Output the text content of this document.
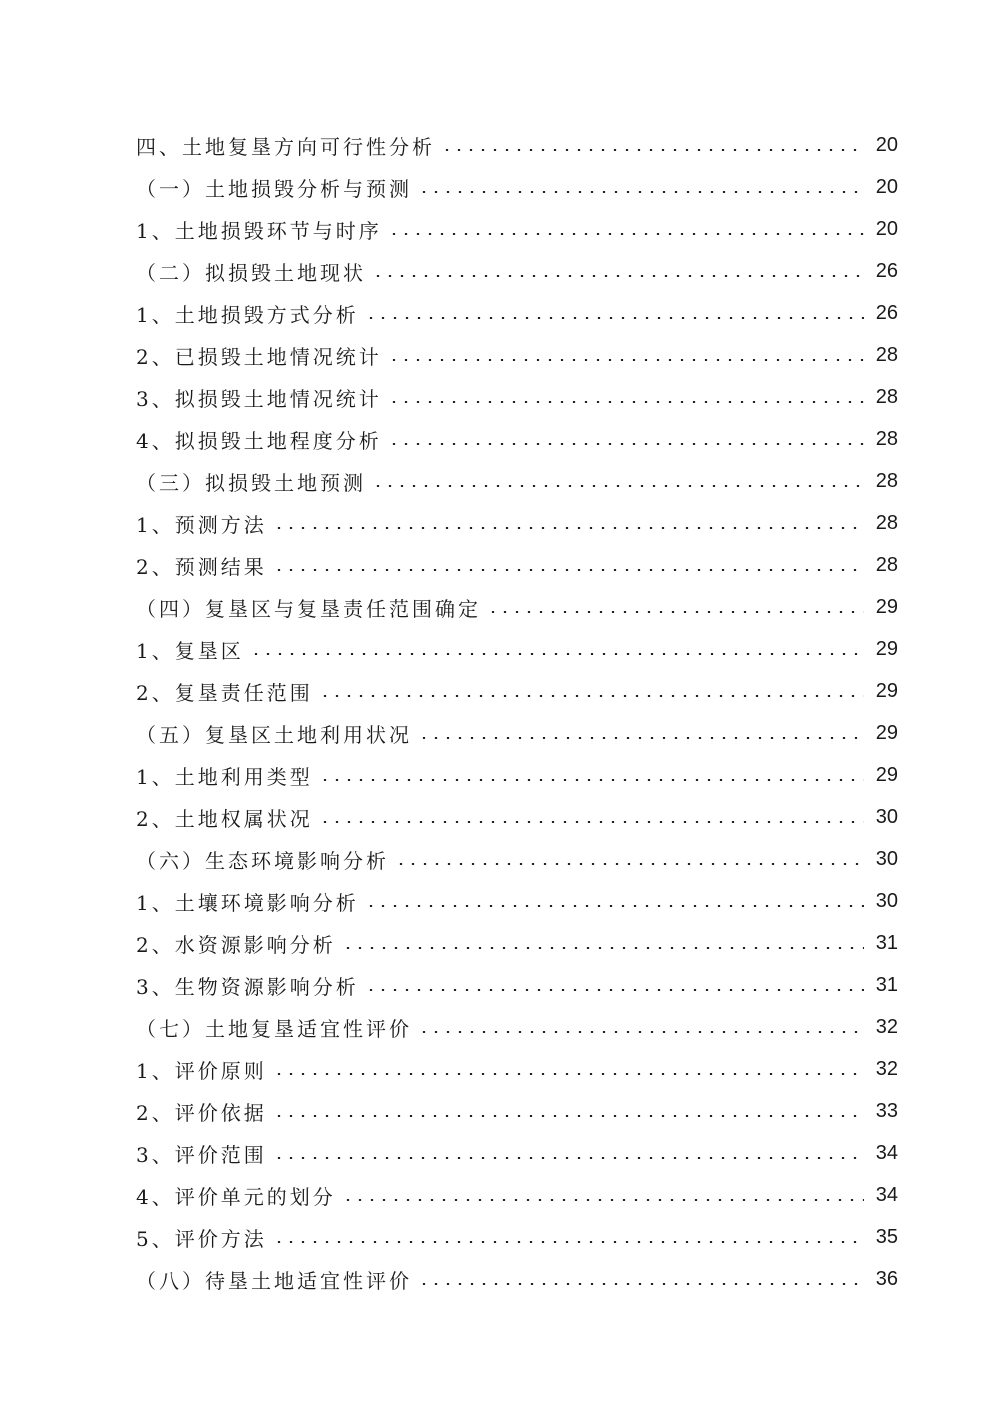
四、土地复垦方向可行性分析	20
（一）土地损毁分析与预测	20
1、土地损毁环节与时序	20
（二）拟损毁土地现状	26
1、土地损毁方式分析	26
2、已损毁土地情况统计	28
3、拟损毁土地情况统计	28
4、拟损毁土地程度分析	28
（三）拟损毁土地预测	28
1、预测方法	28
2、预测结果	28
（四）复垦区与复垦责任范围确定	29
1、复垦区	29
2、复垦责任范围	29
（五）复垦区土地利用状况	29
1、土地利用类型	29
2、土地权属状况	30
（六）生态环境影响分析	30
1、土壤环境影响分析	30
2、水资源影响分析	31
3、生物资源影响分析	31
（七）土地复垦适宜性评价	32
1、评价原则	32
2、评价依据	33
3、评价范围	34
4、评价单元的划分	34
5、评价方法	35
（八）待垦土地适宜性评价	36
